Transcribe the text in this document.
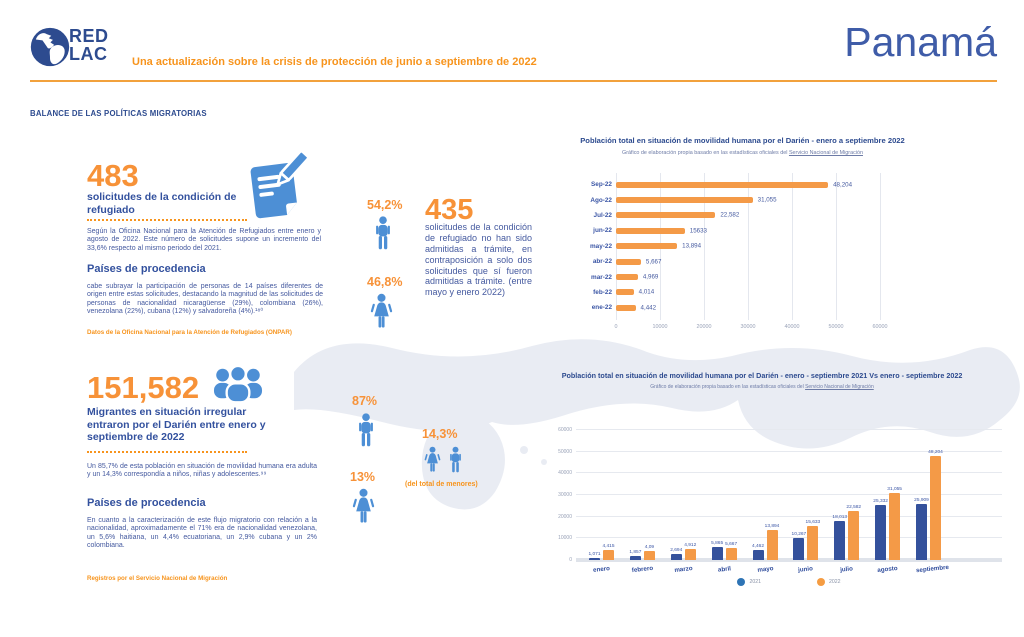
RED
LAC Una actualización sobre la crisis de protección de junio a septiembre de 2022	Panamá
BALANCE DE LAS POLÍTICAS MIGRATORIAS
483
solicitudes de la condición de refugiado
Según la Oficina Nacional para la Atención de Refugiados entre enero y agosto de 2022. Este número de solicitudes supone un incremento del 33,6% respecto al mismo periodo del 2021.
Países de procedencia
cabe subrayar la participación de personas de 14 países diferentes de origen entre estas solicitudes, destacando la magnitud de las solicitudes de personas de nacionalidad nicaragüense (29%), colombiana (26%), venezolana (22%), cubana (12%) y salvadoreña (4%).¹⁸⁰
Datos de la Oficina Nacional para la Atención de Refugiados (ONPAR)
54,2%
46,8%
435
solicitudes de la condición de refugiado no han sido admitidas a trámite, en contraposición a solo dos solicitudes que sí fueron admitidas a trámite. (entre mayo y enero 2022)
151,582
Migrantes en situación irregular entraron por el Darién entre enero y septiembre de 2022
Un 85,7% de esta población en situación de movilidad humana era adulta y un 14,3% correspondía a niños, niñas y adolescentes.⁹⁹
Países de procedencia
En cuanto a la caracterización de este flujo migratorio con relación a la nacionalidad, aproximadamente el 71% era de nacionalidad venezolana, un 5,6% haitiana, un 4,4% ecuatoriana, un 2,9% cubana y un 2% colombiana.
Registros por el Servicio Nacional de Migración
87%
13%
14,3%
(del total de menores)
Población total en situación de movilidad humana por el Darién - enero a septiembre 2022
Gráfico de elaboración propia basado en las estadísticas oficiales del Servicio Nacional de Migración
Sep-22	48,204
Ago-22	31,055
Jul-22	22,582
jun-22	15633
may-22	13,894
abr-22	5,667
mar-22	4,969
feb-22	4,014
ene-22	4,442
0	10000	20000	30000	40000	50000	60000
Población total en situación de movilidad humana por el Darién - enero - septiembre 2021 Vs enero - septiembre 2022
Gráfico de elaboración propia basado en las estadísticas oficiales del Servicio Nacional de Migración
0
10000
20000
30000
40000
50000
60000
1,071
4,415
1,857
4,09
2,694
4,912	5,865 5,667
4,462
13,894
10,267
15,633
18,013
22,582
25,332
31,055
25,909
48,204
enero	febrero	marzo	abril	mayo	junio	julio	agosto	septiembre
2021	2022
